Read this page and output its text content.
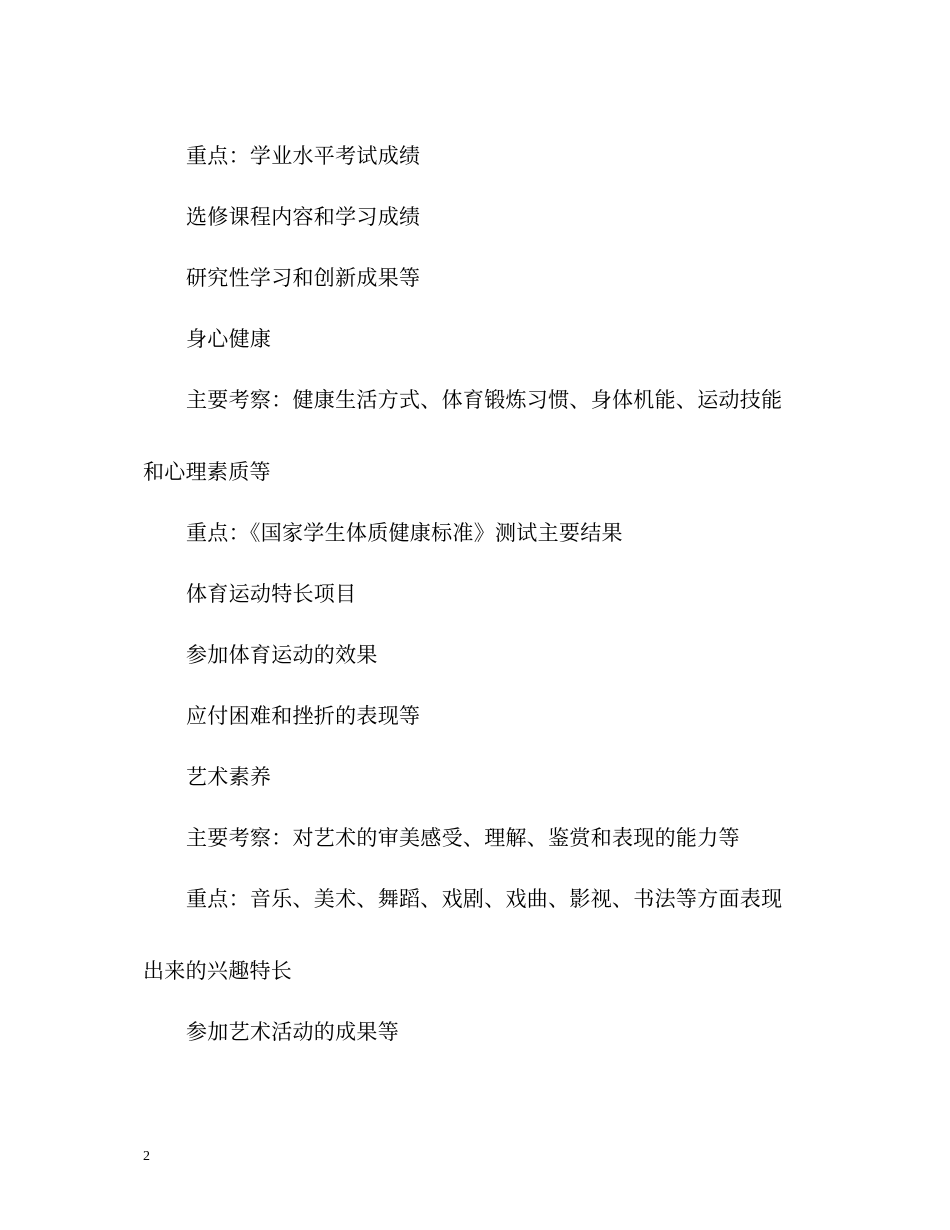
重点：学业水平考试成绩
选修课程内容和学习成绩
研究性学习和创新成果等
身心健康
主要考察：健康生活方式、体育锻炼习惯、身体机能、运动技能
和心理素质等
重点：《国家学生体质健康标准》测试主要结果
体育运动特长项目
参加体育运动的效果
应付困难和挫折的表现等
艺术素养
主要考察：对艺术的审美感受、理解、鉴赏和表现的能力等
重点：音乐、美术、舞蹈、戏剧、戏曲、影视、书法等方面表现
出来的兴趣特长
参加艺术活动的成果等
2
